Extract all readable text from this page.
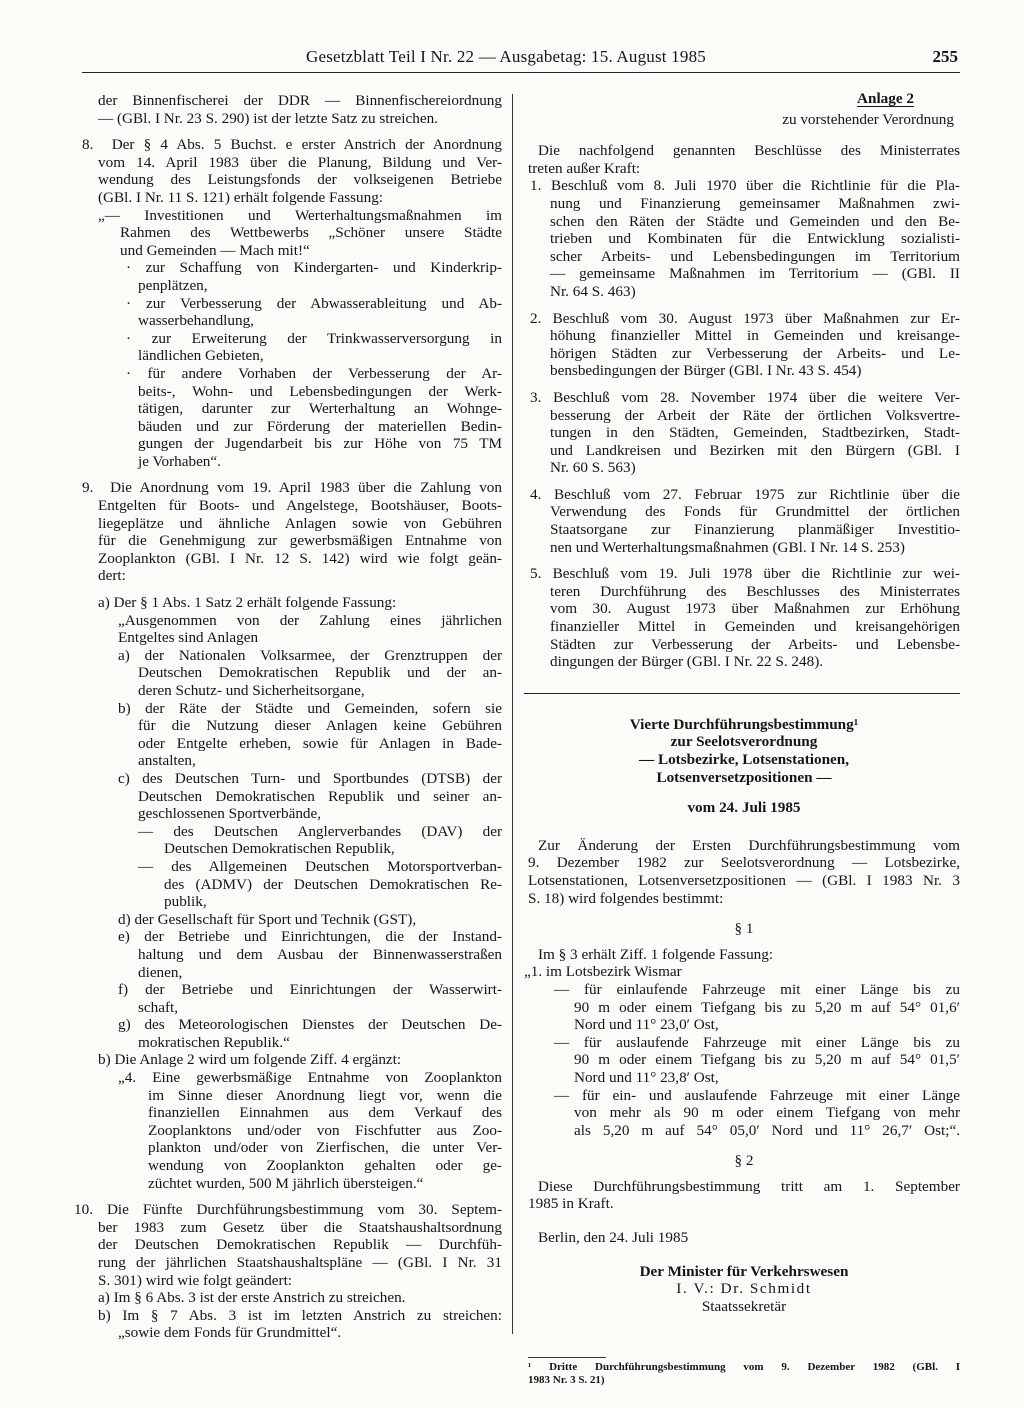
Gesetzblatt Teil I Nr. 22 — Ausgabetag: 15. August 1985	255
der Binnenfischerei der DDR — Binnenfischereiordnung
— (GBl. I Nr. 23 S. 290) ist der letzte Satz zu streichen.
8.  Der § 4 Abs. 5 Buchst. e erster Anstrich der Anordnung
vom 14. April 1983 über die Planung, Bildung und Ver-
wendung des Leistungsfonds der volkseigenen Betriebe
(GBl. I Nr. 11 S. 121) erhält folgende Fassung:
„— Investitionen und Werterhaltungsmaßnahmen im
Rahmen des Wettbewerbs „Schöner unsere Städte
und Gemeinden — Mach mit!“
· zur Schaffung von Kindergarten- und Kinderkrip-
penplätzen,
· zur Verbesserung der Abwasserableitung und Ab-
wasserbehandlung,
· zur Erweiterung der Trinkwasserversorgung in
ländlichen Gebieten,
· für andere Vorhaben der Verbesserung der Ar-
beits-, Wohn- und Lebensbedingungen der Werk-
tätigen, darunter zur Werterhaltung an Wohnge-
bäuden und zur Förderung der materiellen Bedin-
gungen der Jugendarbeit bis zur Höhe von 75 TM
je Vorhaben“.
9.  Die Anordnung vom 19. April 1983 über die Zahlung von
Entgelten für Boots- und Angelstege, Bootshäuser, Boots-
liegeplätze und ähnliche Anlagen sowie von Gebühren
für die Genehmigung zur gewerbsmäßigen Entnahme von
Zooplankton (GBl. I Nr. 12 S. 142) wird wie folgt geän-
dert:
a) Der § 1 Abs. 1 Satz 2 erhält folgende Fassung:
„Ausgenommen von der Zahlung eines jährlichen
Entgeltes sind Anlagen
a) der Nationalen Volksarmee, der Grenztruppen der
Deutschen Demokratischen Republik und der an-
deren Schutz- und Sicherheitsorgane,
b) der Räte der Städte und Gemeinden, sofern sie
für die Nutzung dieser Anlagen keine Gebühren
oder Entgelte erheben, sowie für Anlagen in Bade-
anstalten,
c) des Deutschen Turn- und Sportbundes (DTSB) der
Deutschen Demokratischen Republik und seiner an-
geschlossenen Sportverbände,
— des Deutschen Anglerverbandes (DAV) der
Deutschen Demokratischen Republik,
— des Allgemeinen Deutschen Motorsportverban-
des (ADMV) der Deutschen Demokratischen Re-
publik,
d) der Gesellschaft für Sport und Technik (GST),
e) der Betriebe und Einrichtungen, die der Instand-
haltung und dem Ausbau der Binnenwasserstraßen
dienen,
f) der Betriebe und Einrichtungen der Wasserwirt-
schaft,
g) des Meteorologischen Dienstes der Deutschen De-
mokratischen Republik.“
b) Die Anlage 2 wird um folgende Ziff. 4 ergänzt:
„4. Eine gewerbsmäßige Entnahme von Zooplankton
im Sinne dieser Anordnung liegt vor, wenn die
finanziellen Einnahmen aus dem Verkauf des
Zooplanktons und/oder von Fischfutter aus Zoo-
plankton und/oder von Zierfischen, die unter Ver-
wendung von Zooplankton gehalten oder ge-
züchtet wurden, 500 M jährlich übersteigen.“
10. Die Fünfte Durchführungsbestimmung vom 30. Septem-
ber 1983 zum Gesetz über die Staatshaushaltsordnung
der Deutschen Demokratischen Republik — Durchfüh-
rung der jährlichen Staatshaushaltspläne — (GBl. I Nr. 31
S. 301) wird wie folgt geändert:
a) Im § 6 Abs. 3 ist der erste Anstrich zu streichen.
b) Im § 7 Abs. 3 ist im letzten Anstrich zu streichen:
„sowie dem Fonds für Grundmittel“.
Anlage 2
zu vorstehender Verordnung
Die nachfolgend genannten Beschlüsse des Ministerrates
treten außer Kraft:
1. Beschluß vom 8. Juli 1970 über die Richtlinie für die Pla-
nung und Finanzierung gemeinsamer Maßnahmen zwi-
schen den Räten der Städte und Gemeinden und den Be-
trieben und Kombinaten für die Entwicklung sozialisti-
scher Arbeits- und Lebensbedingungen im Territorium
— gemeinsame Maßnahmen im Territorium — (GBl. II
Nr. 64 S. 463)
2. Beschluß vom 30. August 1973 über Maßnahmen zur Er-
höhung finanzieller Mittel in Gemeinden und kreisange-
hörigen Städten zur Verbesserung der Arbeits- und Le-
bensbedingungen der Bürger (GBl. I Nr. 43 S. 454)
3. Beschluß vom 28. November 1974 über die weitere Ver-
besserung der Arbeit der Räte der örtlichen Volksvertre-
tungen in den Städten, Gemeinden, Stadtbezirken, Stadt-
und Landkreisen und Bezirken mit den Bürgern (GBl. I
Nr. 60 S. 563)
4. Beschluß vom 27. Februar 1975 zur Richtlinie über die
Verwendung des Fonds für Grundmittel der örtlichen
Staatsorgane zur Finanzierung planmäßiger Investitio-
nen und Werterhaltungsmaßnahmen (GBl. I Nr. 14 S. 253)
5. Beschluß vom 19. Juli 1978 über die Richtlinie zur wei-
teren Durchführung des Beschlusses des Ministerrates
vom 30. August 1973 über Maßnahmen zur Erhöhung
finanzieller Mittel in Gemeinden und kreisangehörigen
Städten zur Verbesserung der Arbeits- und Lebensbe-
dingungen der Bürger (GBl. I Nr. 22 S. 248).
Vierte Durchführungsbestimmung¹
zur Seelotsverordnung
— Lotsbezirke, Lotsenstationen,
Lotsenversetzpositionen —
vom 24. Juli 1985
Zur Änderung der Ersten Durchführungsbestimmung vom
9. Dezember 1982 zur Seelotsverordnung — Lotsbezirke,
Lotsenstationen, Lotsenversetzpositionen — (GBl. I 1983 Nr. 3
S. 18) wird folgendes bestimmt:
§ 1
Im § 3 erhält Ziff. 1 folgende Fassung:
„1. im Lotsbezirk Wismar
— für einlaufende Fahrzeuge mit einer Länge bis zu
90 m oder einem Tiefgang bis zu 5,20 m auf 54° 01,6′
Nord und 11° 23,0′ Ost,
— für auslaufende Fahrzeuge mit einer Länge bis zu
90 m oder einem Tiefgang bis zu 5,20 m auf 54° 01,5′
Nord und 11° 23,8′ Ost,
— für ein- und auslaufende Fahrzeuge mit einer Länge
von mehr als 90 m oder einem Tiefgang von mehr
als 5,20 m auf 54° 05,0′ Nord und 11° 26,7′ Ost;“.
§ 2
Diese Durchführungsbestimmung tritt am 1. September
1985 in Kraft.
Berlin, den 24. Juli 1985
Der Minister für Verkehrswesen
I. V.: Dr. Schmidt
Staatssekretär
¹ Dritte Durchführungsbestimmung vom 9. Dezember 1982 (GBl. I
1983 Nr. 3 S. 21)
